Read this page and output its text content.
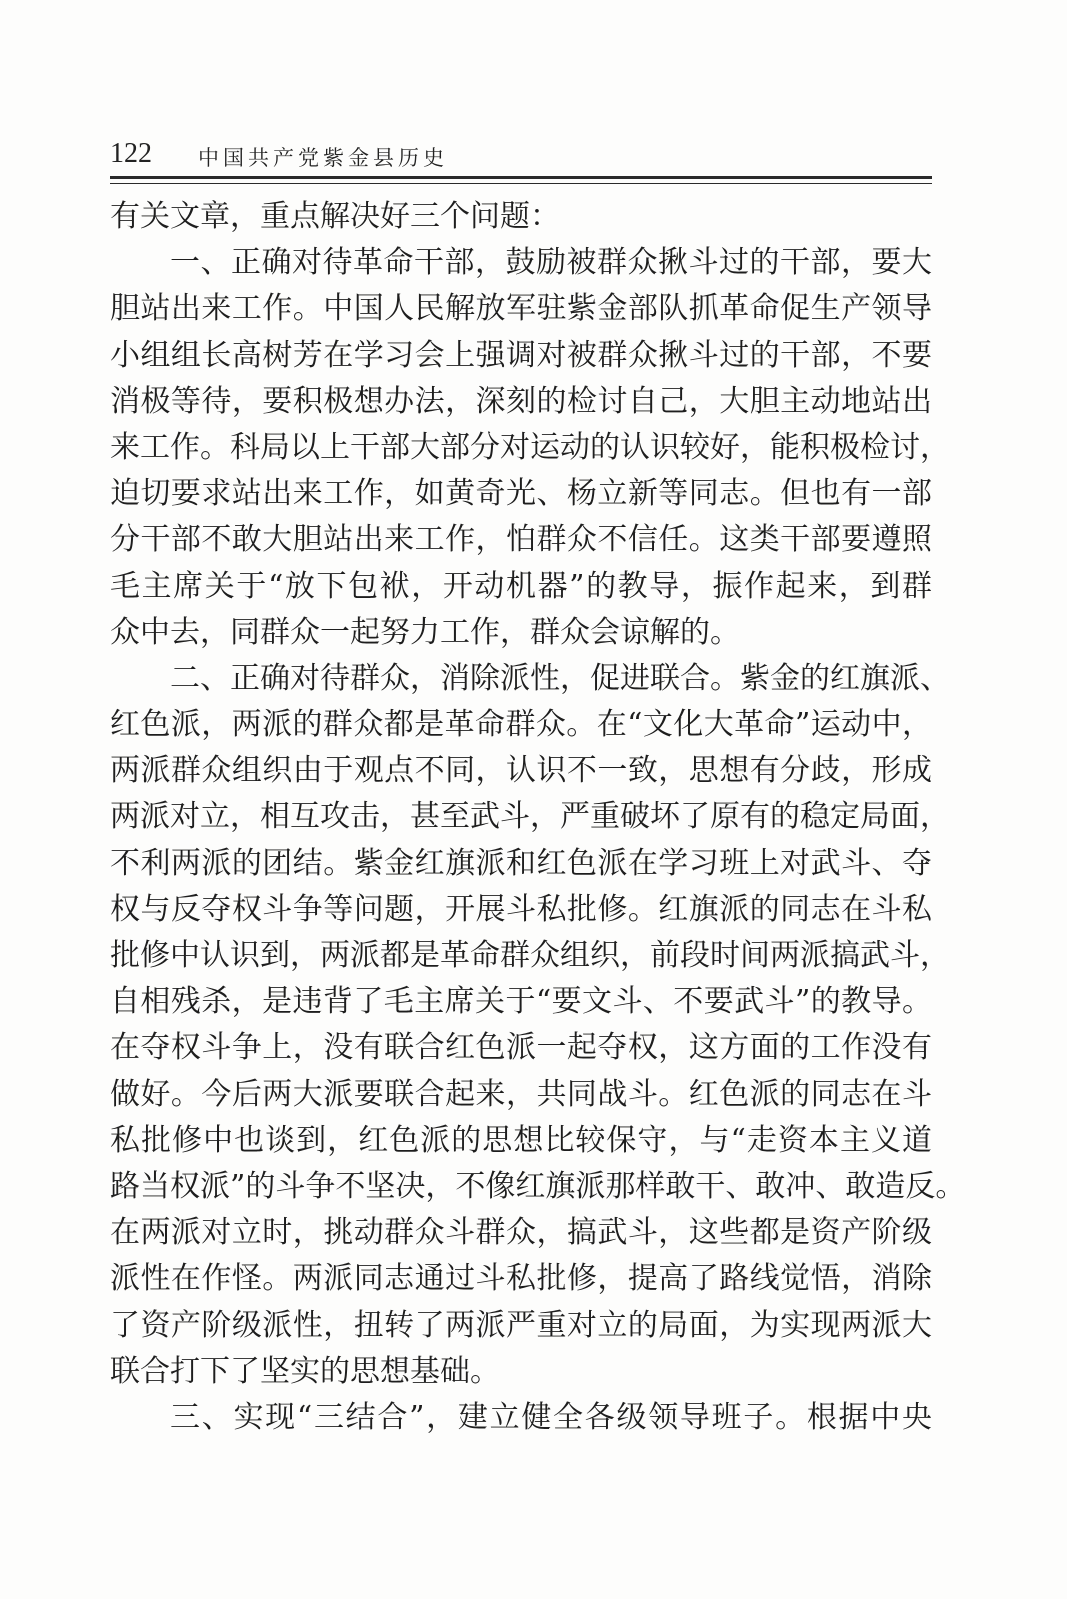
122 中国共产党紫金县历史
有关文章，重点解决好三个问题：
一、正确对待革命干部，鼓励被群众揪斗过的干部，要大
胆站出来工作。中国人民解放军驻紫金部队抓革命促生产领导
小组组长高树芳在学习会上强调对被群众揪斗过的干部，不要
消极等待，要积极想办法，深刻的检讨自己，大胆主动地站出
来工作。科局以上干部大部分对运动的认识较好，能积极检讨，
迫切要求站出来工作，如黄奇光、杨立新等同志。但也有一部
分干部不敢大胆站出来工作，怕群众不信任。这类干部要遵照
毛主席关于“放下包袱，开动机器”的教导，振作起来，到群
众中去，同群众一起努力工作，群众会谅解的。
二、正确对待群众，消除派性，促进联合。紫金的红旗派、
红色派，两派的群众都是革命群众。在“文化大革命”运动中，
两派群众组织由于观点不同，认识不一致，思想有分歧，形成
两派对立，相互攻击，甚至武斗，严重破坏了原有的稳定局面，
不利两派的团结。紫金红旗派和红色派在学习班上对武斗、夺
权与反夺权斗争等问题，开展斗私批修。红旗派的同志在斗私
批修中认识到，两派都是革命群众组织，前段时间两派搞武斗，
自相残杀，是违背了毛主席关于“要文斗、不要武斗”的教导。
在夺权斗争上，没有联合红色派一起夺权，这方面的工作没有
做好。今后两大派要联合起来，共同战斗。红色派的同志在斗
私批修中也谈到，红色派的思想比较保守，与“走资本主义道
路当权派”的斗争不坚决，不像红旗派那样敢干、敢冲、敢造反。
在两派对立时，挑动群众斗群众，搞武斗，这些都是资产阶级
派性在作怪。两派同志通过斗私批修，提高了路线觉悟，消除
了资产阶级派性，扭转了两派严重对立的局面，为实现两派大
联合打下了坚实的思想基础。
三、实现“三结合”，建立健全各级领导班子。根据中央
